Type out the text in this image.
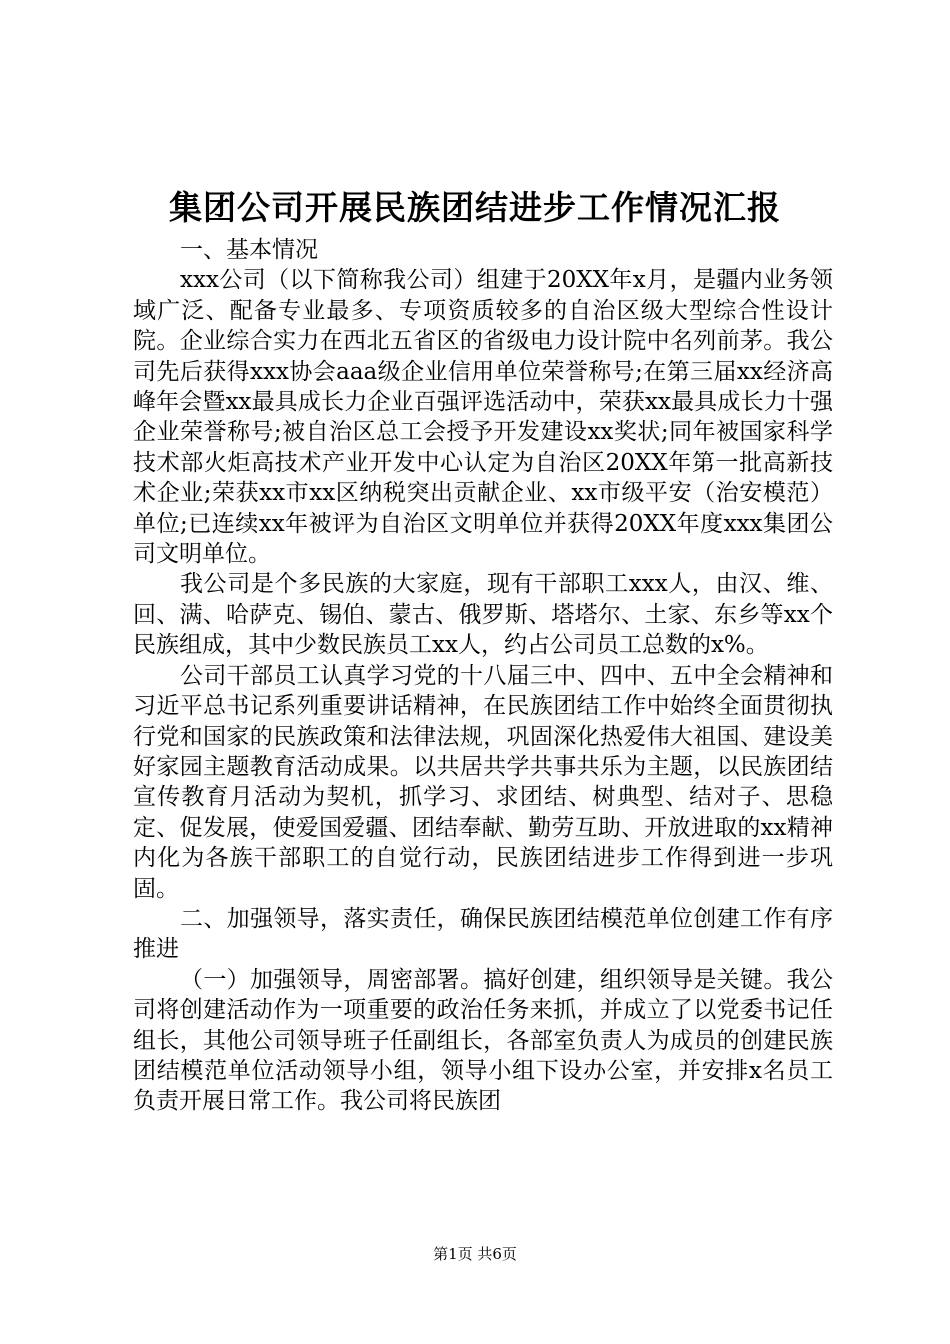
集团公司开展民族团结进步工作情况汇报

一、基本情况

xxx公司（以下简称我公司）组建于20XX年x月，是疆内业务领域广泛、配备专业最多、专项资质较多的自治区级大型综合性设计院。企业综合实力在西北五省区的省级电力设计院中名列前茅。我公司先后获得xxx协会aaa级企业信用单位荣誉称号;在第三届xx经济高峰年会暨xx最具成长力企业百强评选活动中，荣获xx最具成长力十强企业荣誉称号;被自治区总工会授予开发建设xx奖状;同年被国家科学技术部火炬高技术产业开发中心认定为自治区20XX年第一批高新技术企业;荣获xx市xx区纳税突出贡献企业、xx市级平安（治安模范）单位;已连续xx年被评为自治区文明单位并获得20XX年度xxx集团公司文明单位。

我公司是个多民族的大家庭，现有干部职工xxx人，由汉、维、回、满、哈萨克、锡伯、蒙古、俄罗斯、塔塔尔、土家、东乡等xx个民族组成，其中少数民族员工xx人，约占公司员工总数的x%。

公司干部员工认真学习党的十八届三中、四中、五中全会精神和习近平总书记系列重要讲话精神，在民族团结工作中始终全面贯彻执行党和国家的民族政策和法律法规，巩固深化热爱伟大祖国、建设美好家园主题教育活动成果。以共居共学共事共乐为主题，以民族团结宣传教育月活动为契机，抓学习、求团结、树典型、结对子、思稳定、促发展，使爱国爱疆、团结奉献、勤劳互助、开放进取的xx精神内化为各族干部职工的自觉行动，民族团结进步工作得到进一步巩固。

二、加强领导，落实责任，确保民族团结模范单位创建工作有序推进

（一）加强领导，周密部署。搞好创建，组织领导是关键。我公司将创建活动作为一项重要的政治任务来抓，并成立了以党委书记任组长，其他公司领导班子任副组长，各部室负责人为成员的创建民族团结模范单位活动领导小组，领导小组下设办公室，并安排x名员工负责开展日常工作。我公司将民族团

第1页 共6页
